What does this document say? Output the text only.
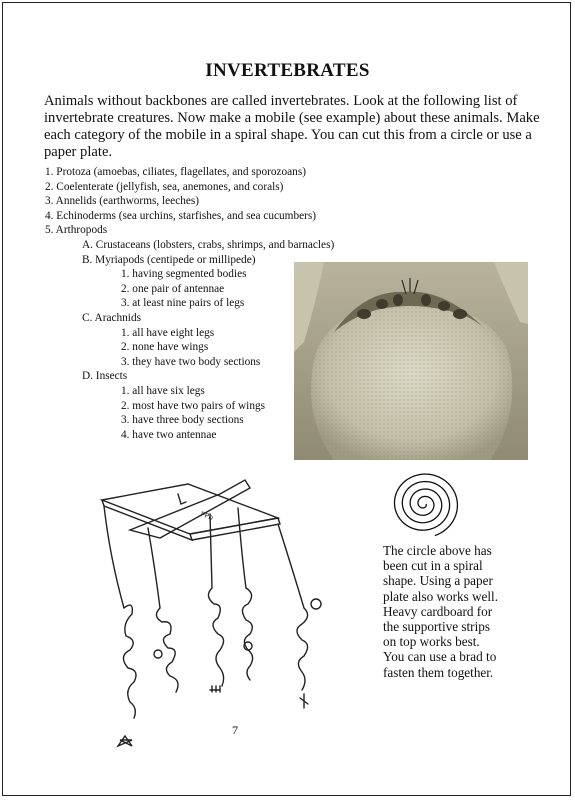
INVERTEBRATES
Animals without backbones are called invertebrates. Look at the following list of invertebrate creatures. Now make a mobile (see example) about these animals. Make each category of the mobile in a spiral shape. You can cut this from a circle or use a paper plate.
1. Protoza (amoebas, ciliates, flagellates, and sporozoans)
2. Coelenterate (jellyfish, sea, anemones, and corals)
3. Annelids (earthworms, leeches)
4. Echinoderms (sea urchins, starfishes, and sea cucumbers)
5. Arthropods
A. Crustaceans (lobsters, crabs, shrimps, and barnacles)
B. Myriapods (centipede or millipede)
1. having segmented bodies
2. one pair of antennae
3. at least nine pairs of legs
C. Arachnids
1. all have eight legs
2. none have wings
3. they have two body sections
D. Insects
1. all have six legs
2. most have two pairs of wings
3. have three body sections
4. have two antennae
The circle above has been cut in a spiral shape. Using a paper plate also works well. Heavy cardboard for the supportive strips on top works best. You can use a brad to fasten them together.
PPb
7
